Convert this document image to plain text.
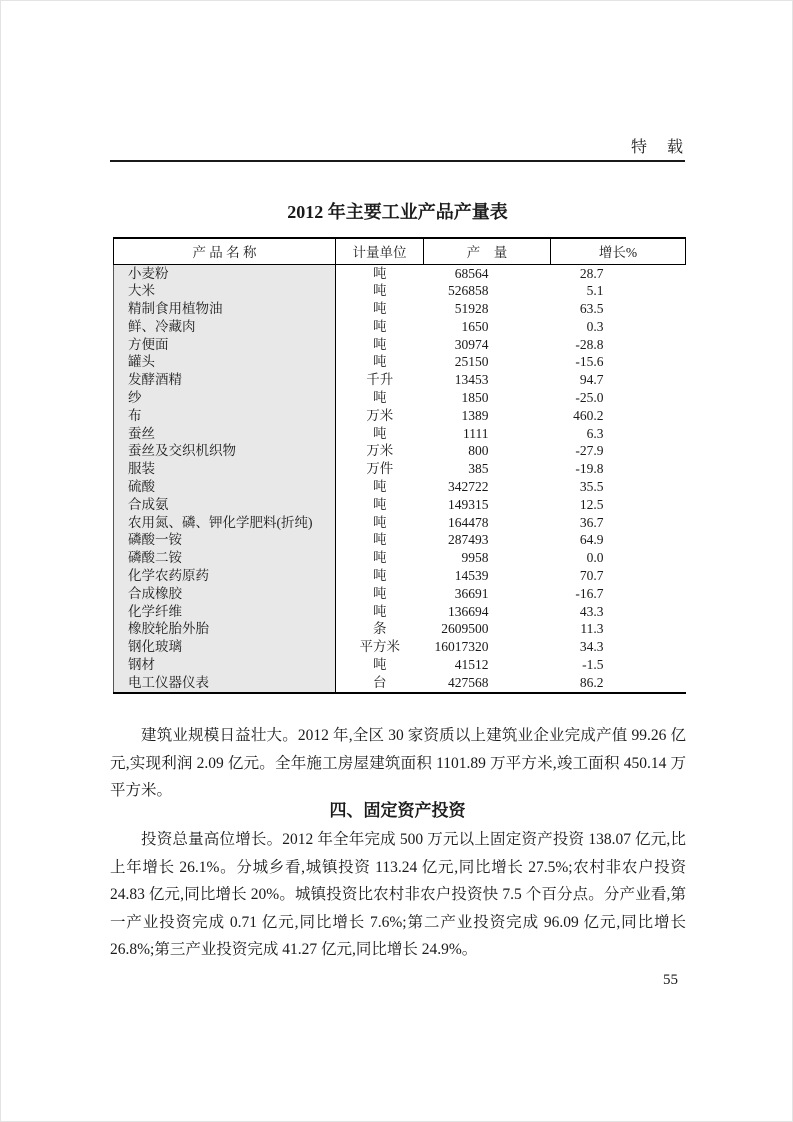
特　载
2012 年主要工业产品产量表
产 品 名 称	计量单位	产　量	增长%
小麦粉	吨	68564	28.7
大米	吨	526858	5.1
精制食用植物油	吨	51928	63.5
鲜、冷藏肉	吨	1650	0.3
方便面	吨	30974	-28.8
罐头	吨	25150	-15.6
发酵酒精	千升	13453	94.7
纱	吨	1850	-25.0
布	万米	1389	460.2
蚕丝	吨	1111	6.3
蚕丝及交织机织物	万米	800	-27.9
服装	万件	385	-19.8
硫酸	吨	342722	35.5
合成氨	吨	149315	12.5
农用氮、磷、钾化学肥料(折纯)	吨	164478	36.7
磷酸一铵	吨	287493	64.9
磷酸二铵	吨	9958	0.0
化学农药原药	吨	14539	70.7
合成橡胶	吨	36691	-16.7
化学纤维	吨	136694	43.3
橡胶轮胎外胎	条	2609500	11.3
钢化玻璃	平方米	16017320	34.3
钢材	吨	41512	-1.5
电工仪器仪表	台	427568	86.2

建筑业规模日益壮大。2012 年,全区 30 家资质以上建筑业企业完成产值 99.26 亿元,实现利润 2.09 亿元。全年施工房屋建筑面积 1101.89 万平方米,竣工面积 450.14 万平方米。

四、固定资产投资

投资总量高位增长。2012 年全年完成 500 万元以上固定资产投资 138.07 亿元,比上年增长 26.1%。分城乡看,城镇投资 113.24 亿元,同比增长 27.5%;农村非农户投资 24.83 亿元,同比增长 20%。城镇投资比农村非农户投资快 7.5 个百分点。分产业看,第一产业投资完成 0.71 亿元,同比增长 7.6%;第二产业投资完成 96.09 亿元,同比增长 26.8%;第三产业投资完成 41.27 亿元,同比增长 24.9%。

55
